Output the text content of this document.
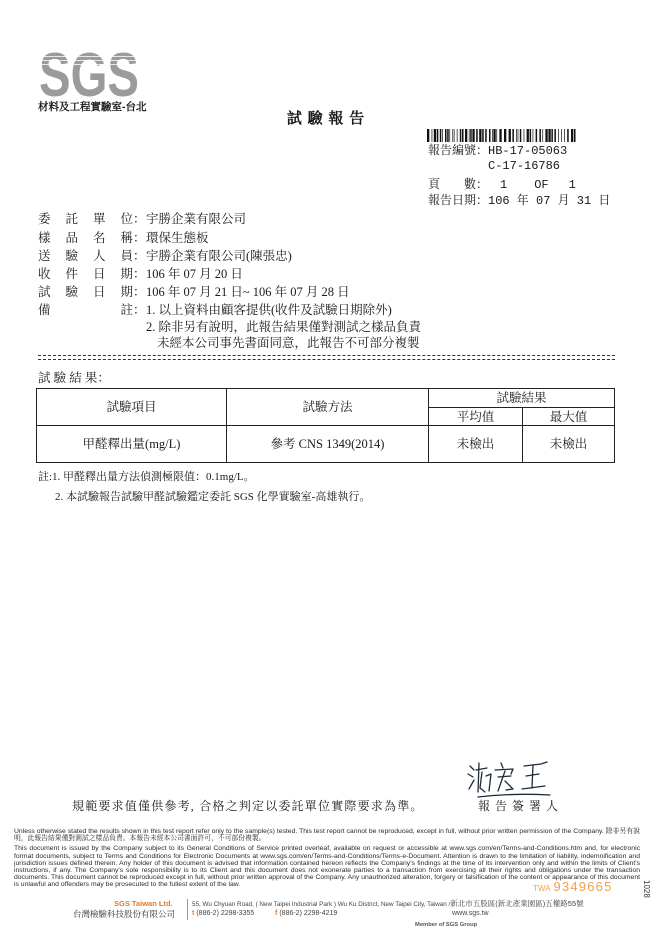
SGS
材料及工程實驗室-台北
試 驗 報 告
報告編號 ： HB-17-05063
C-17-16786
頁 數 ： 1 OF 1
報告日期 ： 106 年 07 月 31 日
委 託 單 位 ： 宇勝企業有限公司
樣 品 名 稱 ： 環保生態板
送 驗 人 員 ： 宇勝企業有限公司(陳張忠)
收 件 日 期 ： 106 年 07 月 20 日
試 驗 日 期 ： 106 年 07 月 21 日~ 106 年 07 月 28 日
備 註 ： 1. 以上資料由顧客提供(收件及試驗日期除外)
2. 除非另有說明，此報告結果僅對測試之樣品負責
未經本公司事先書面同意，此報告不可部分複製
試 驗 結 果：
試驗項目	試驗方法	試驗結果	
		平均值	最大值
甲醛釋出量(mg/L)	參考 CNS 1349(2014)	未檢出	未檢出
註:1. 甲醛釋出量方法偵測極限值：0.1mg/L。
2. 本試驗報告試驗甲醛試驗鑑定委託 SGS 化學實驗室-高雄執行。
規範要求值僅供參考, 合格之判定以委託單位實際要求為準。	報 告 簽 署 人

Unless otherwise stated the results shown in this test report refer only to the sample(s) tested. This test report cannot be reproduced, except in full, without prior written permission of the Company. 除非另有說明，此報告結果僅對測試之樣品負責。本報告未經本公司書面許可，不可部份複製。

This document is issued by the Company subject to its General Conditions of Service printed overleaf, available on request or accessible at www.sgs.com/en/Terms-and-Conditions.htm and, for electronic format documents, subject to Terms and Conditions for Electronic Documents at www.sgs.com/en/Terms-and-Conditions/Terms-e-Document. Attention is drawn to the limitation of liability, indemnification and jurisdiction issues defined therein. Any holder of this document is advised that information contained hereon reflects the Company's findings at the time of its intervention only and within the limits of Client's instructions, if any. The Company's sole responsibility is to its Client and this document does not exonerate parties to a transaction from exercising all their rights and obligations under the transaction documents. This document cannot be reproduced except in full, without prior written approval of the Company. Any unauthorized alteration, forgery or falsification of the content or appearance of this document is unlawful and offenders may be prosecuted to the fullest extent of the law.	TWA 9349665	1028
SGS Taiwan Ltd.
台灣檢驗科技股份有限公司
55, Wu Chyuan Road, ( New Taipei Industrial Park ) Wu Ku District, New Taipei City, Taiwan /新北市五股區(新北產業園區)五權路55號
t (886-2) 2298-3355	f (886-2) 2298-4219	www.sgs.tw
Member of SGS Group
